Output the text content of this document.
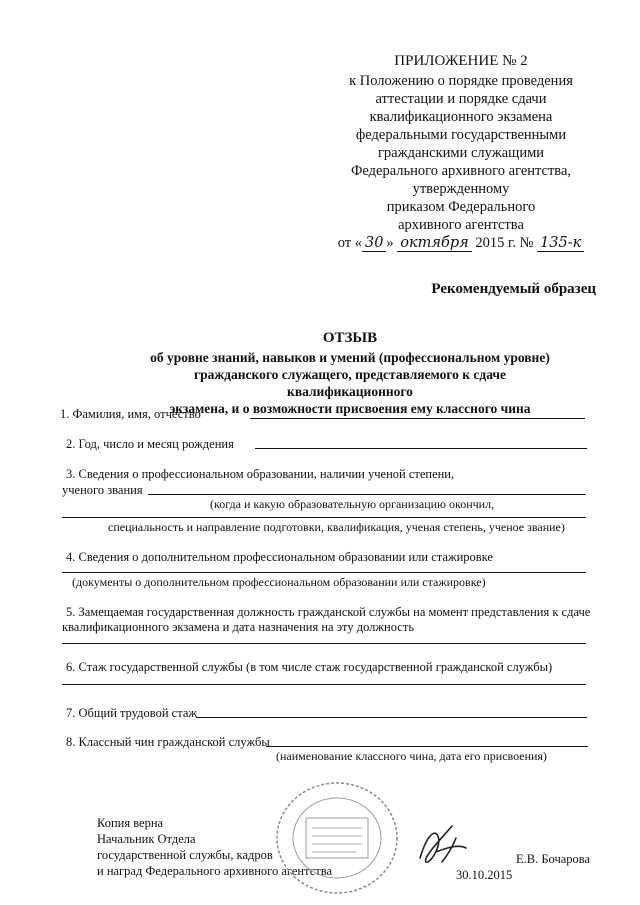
ПРИЛОЖЕНИЕ № 2
к Положению о порядке проведения
аттестации и порядке сдачи
квалификационного экзамена
федеральными государственными
гражданскими служащими
Федерального архивного агентства,
утвержденному
приказом Федерального
архивного агентства
от « 30 » октября 2015 г. № 135-к
Рекомендуемый образец
ОТЗЫВ
об уровне знаний, навыков и умений (профессиональном уровне)
гражданского служащего, представляемого к сдаче квалификационного
экзамена, и о возможности присвоения ему классного чина
1. Фамилия, имя, отчество
2. Год, число и месяц рождения
3. Сведения о профессиональном образовании, наличии ученой степени,
ученого звания
(когда и какую образовательную организацию окончил,
специальность и направление подготовки, квалификация, ученая степень, ученое звание)
4. Сведения о дополнительном профессиональном образовании или стажировке
(документы о дополнительном профессиональном образовании или стажировке)
5. Замещаемая государственная должность гражданской службы на момент представления к сдаче
квалификационного экзамена и дата назначения на эту должность
6. Стаж государственной службы (в том числе стаж государственной гражданской службы)
7. Общий трудовой стаж
8. Классный чин гражданской службы
(наименование классного чина, дата его присвоения)
Копия верна
Начальник Отдела
государственной службы, кадров
и наград Федерального архивного агентства
Е.В. Бочарова
30.10.2015
